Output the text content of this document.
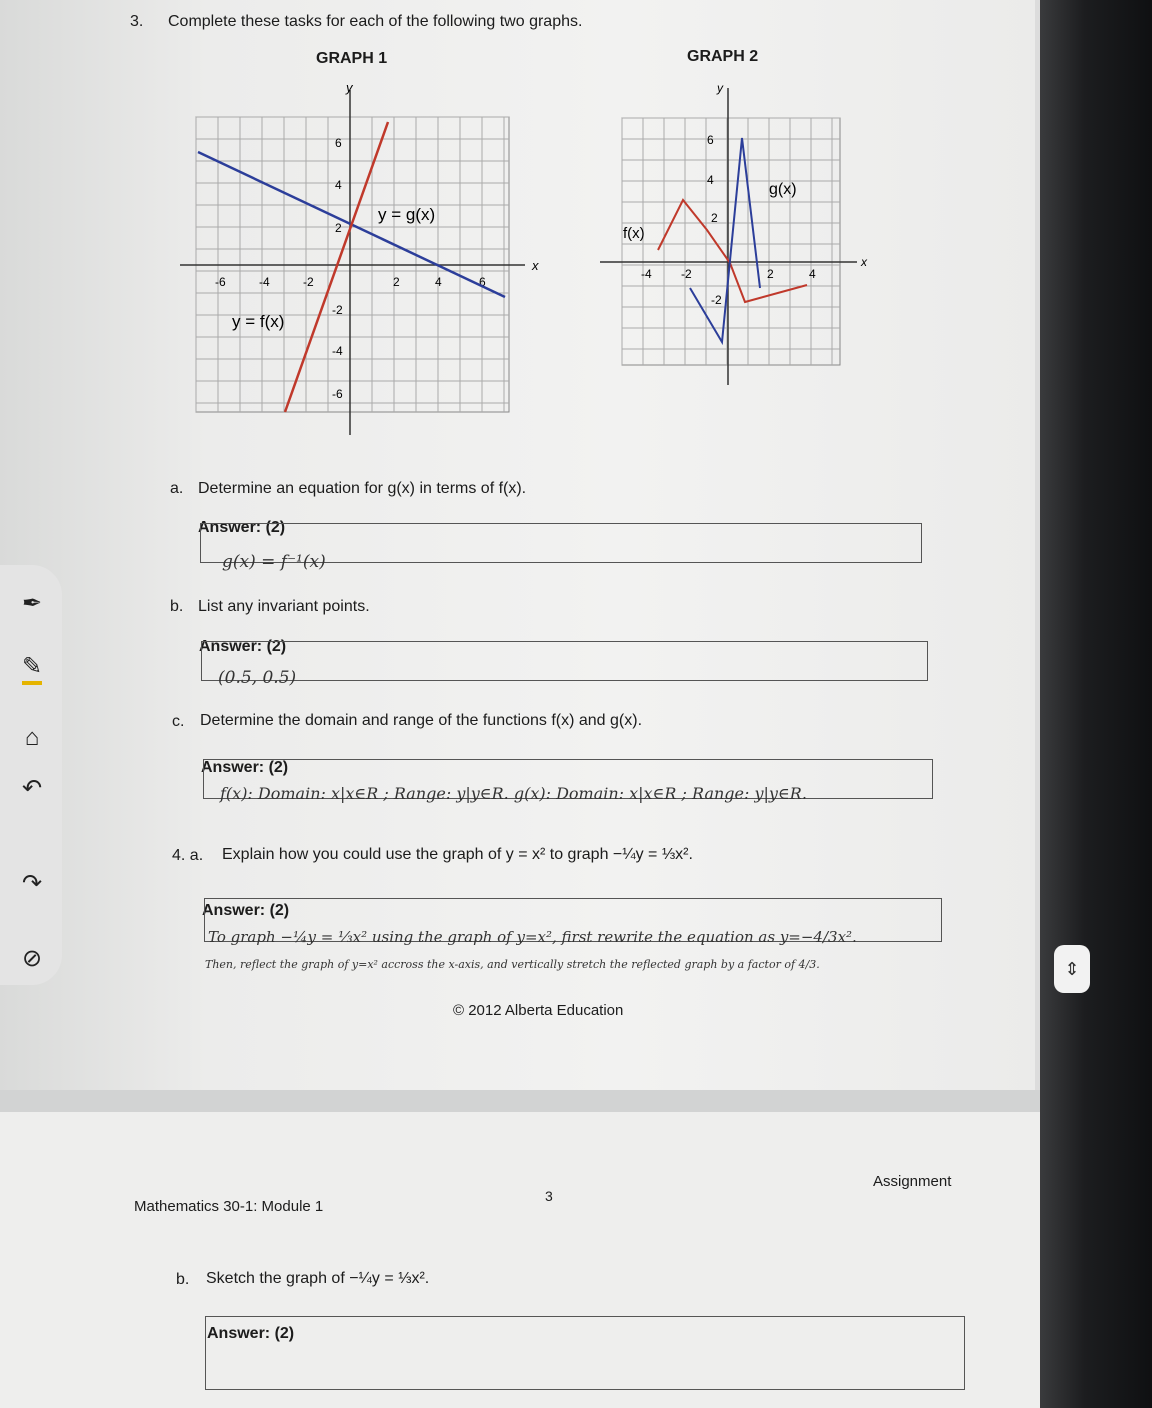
3. Complete these tasks for each of the following two graphs.
GRAPH 1	GRAPH 2
x
y
-6	-4	-2	2	4	6
6
4
2
-2
-4
-6
y = g(x)
y = f(x)
x
y
-4 -2	2	4
6
4
2
-2
f(x)
g(x)
a. Determine an equation for g(x) in terms of f(x).
Answer: (2)
g(x) = f⁻¹(x)
b. List any invariant points.
Answer: (2)
(0.5, 0.5)
c. Determine the domain and range of the functions f(x) and g(x).
Answer: (2)
f(x): Domain: x|x∈R ; Range: y|y∈R. g(x): Domain: x|x∈R ; Range: y|y∈R.
4. a. Explain how you could use the graph of y = x² to graph −¼y = ⅓x².
Answer: (2)
To graph −¼y = ⅓x² using the graph of y=x², first rewrite the equation as y=−4/3x².
Then, reflect the graph of y=x² accross the x-axis, and vertically stretch the reflected graph by a factor of 4/3.
© 2012 Alberta Education
Mathematics 30-1: Module 1
3
Assignment
b. Sketch the graph of −¼y = ⅓x².
Answer: (2)
✒
✎
⌂
↶
↷
⊘	⇕
